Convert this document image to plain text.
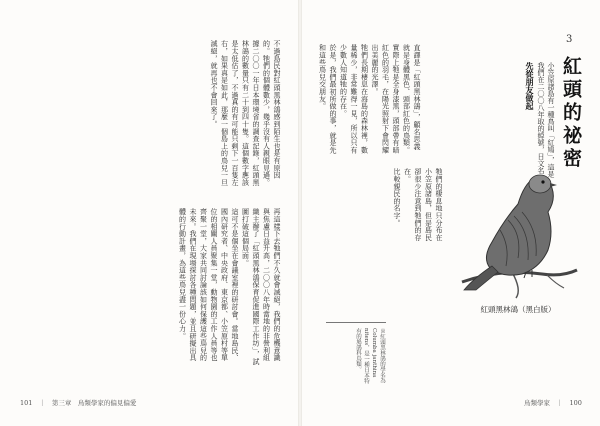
不過島民對紅頭黑林鴿感到陌生也是有原因的。牠們的個體數少，幾乎沒有人親眼見過。據二〇〇一年日本環境省的調查記錄，紅頭黑林鴿的數量只有二十到四十隻。這個數字應該是太低估了，不過真的有可能只剩下一百隻左右，如果真是如此，那麼一個島上的鳥兒一旦滅絕，就再也不會回來了。
再這樣下去牠們不久就會滅絕，我們的危機意識與焦慮日益升高，二〇〇八年時當地的非營利組織主辦了「紅頭黑林鴿保育促進國際工作坊」，試圖打破這個局面。
這可不是個坐在會議室裡的研討會。當地島民、國內研究者、中央政府、東京都、小笠原村等單位的相關人員聚集一堂，動物園的工作人員等也齊聚一堂，大家共同討論該如何保護這些鳥兒的未來。我們在現場探討各種問題，並且研擬出具體的行動計畫，為這些鳥兒盡一份心力。
101　｜　第三章　鳥類學家的偏見偏愛
3
紅頭的祕密
小笠原諸島有一種鳥叫「紅鳩」，這是我們在二〇〇八年取的綽號，日文名
先從朋友做起
直譯是「紅頭黑林鴿」，顧名思義就是身體黑色、頭部紅色的鳥類。
實際上牠是全身漆黑，頭部帶有暗紅色的羽毛，在陽光照射下會閃耀出美麗的光澤。
牠們長期棲息在海島的森林裡，數量稀少，非常難得一見，所以只有少數人知道牠的存在。
於是，我們最初所做的事，就是先和這些鳥兒交朋友。
牠們的棲息地只分布在小笠原諸島，但是島民卻很少注意到牠們的存在。
比較親民的名字。
紅頭黑林鴿（黑白版）
※紅頭黑林鴿的學名為Columba janthina nitens，是一種日本特有的鳩鴿科鳥類。
鳥類學家　｜　100
